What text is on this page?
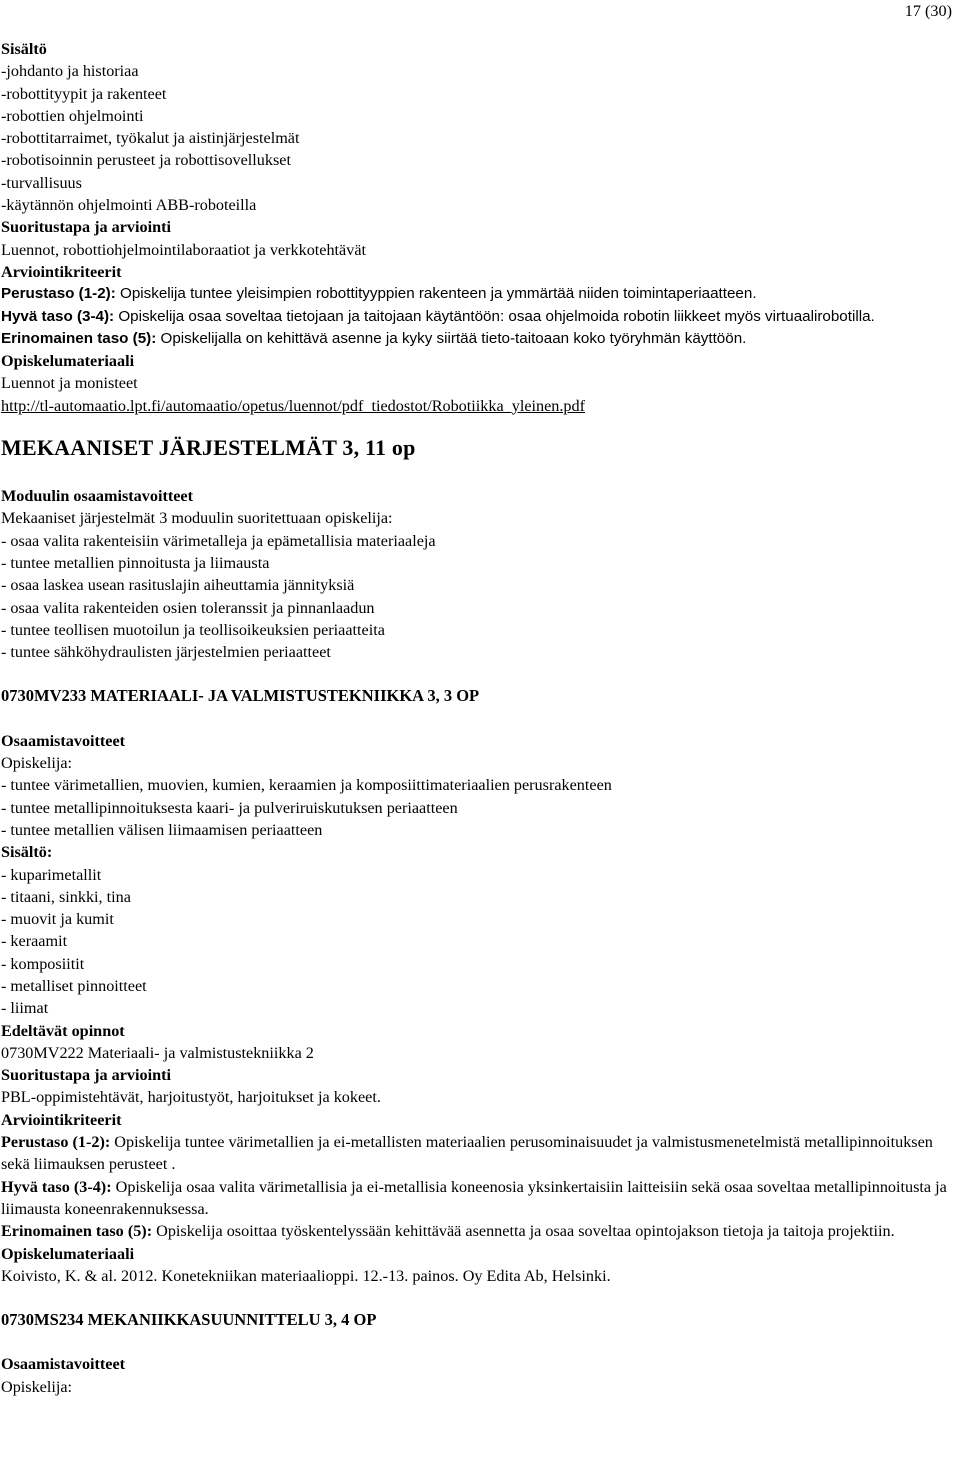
17 (30)
Sisältö
-johdanto ja historiaa
-robottityypit ja rakenteet
-robottien ohjelmointi
-robottitarraimet, työkalut ja aistinjärjestelmät
-robotisoinnin perusteet ja robottisovellukset
-turvallisuus
-käytännön ohjelmointi ABB-roboteilla
Suoritustapa ja arviointi
Luennot, robottiohjelmointilaboraatiot ja verkkotehtävät
Arviointikriteerit
Perustaso (1-2): Opiskelija tuntee yleisimpien robottityyppien rakenteen ja ymmärtää niiden toimintaperiaatteen.
Hyvä taso (3-4): Opiskelija osaa soveltaa tietojaan ja taitojaan käytäntöön: osaa ohjelmoida robotin liikkeet myös virtuaalirobotilla.
Erinomainen taso (5): Opiskelijalla on kehittävä asenne ja kyky siirtää tieto-taitoaan koko työryhmän käyttöön.
Opiskelumateriaali
Luennot ja monisteet
http://tl-automaatio.lpt.fi/automaatio/opetus/luennot/pdf_tiedostot/Robotiikka_yleinen.pdf
MEKAANISET JÄRJESTELMÄT 3, 11 op
Moduulin osaamistavoitteet
Mekaaniset järjestelmät 3 moduulin suoritettuaan opiskelija:
- osaa valita rakenteisiin värimetalleja ja epämetallisia materiaaleja
- tuntee metallien pinnoitusta ja liimausta
- osaa laskea usean rasituslajin aiheuttamia jännityksiä
- osaa valita rakenteiden osien toleranssit ja pinnanlaadun
- tuntee teollisen muotoilun ja teollisoikeuksien periaatteita
- tuntee sähköhydraulisten järjestelmien periaatteet
0730MV233 MATERIAALI- JA VALMISTUSTEKNIIKKA 3, 3 OP
Osaamistavoitteet
Opiskelija:
- tuntee värimetallien, muovien, kumien, keraamien ja komposiittimateriaalien perusrakenteen
- tuntee metallipinnoituksesta kaari- ja pulveriruiskutuksen periaatteen
- tuntee metallien välisen liimaamisen periaatteen
Sisältö:
- kuparimetallit
- titaani, sinkki, tina
- muovit ja kumit
- keraamit
- komposiitit
- metalliset pinnoitteet
- liimat
Edeltävät opinnot
0730MV222 Materiaali- ja valmistustekniikka 2
Suoritustapa ja arviointi
PBL-oppimistehtävät, harjoitustyöt, harjoitukset ja kokeet.
Arviointikriteerit
Perustaso (1-2): Opiskelija tuntee värimetallien ja ei-metallisten materiaalien perusominaisuudet ja valmistusmenetelmistä metallipinnoituksen sekä liimauksen perusteet .
Hyvä taso (3-4): Opiskelija osaa valita värimetallisia ja ei-metallisia koneenosia yksinkertaisiin laitteisiin sekä osaa soveltaa metallipinnoitusta ja liimausta koneenrakennuksessa.
Erinomainen taso (5): Opiskelija osoittaa työskentelyssään kehittävää asennetta ja osaa soveltaa opintojakson tietoja ja taitoja projektiin.
Opiskelumateriaali
Koivisto, K. & al. 2012. Konetekniikan materiaalioppi. 12.-13. painos. Oy Edita Ab, Helsinki.
0730MS234 MEKANIIKKASUUNNITTELU 3, 4 OP
Osaamistavoitteet
Opiskelija:
